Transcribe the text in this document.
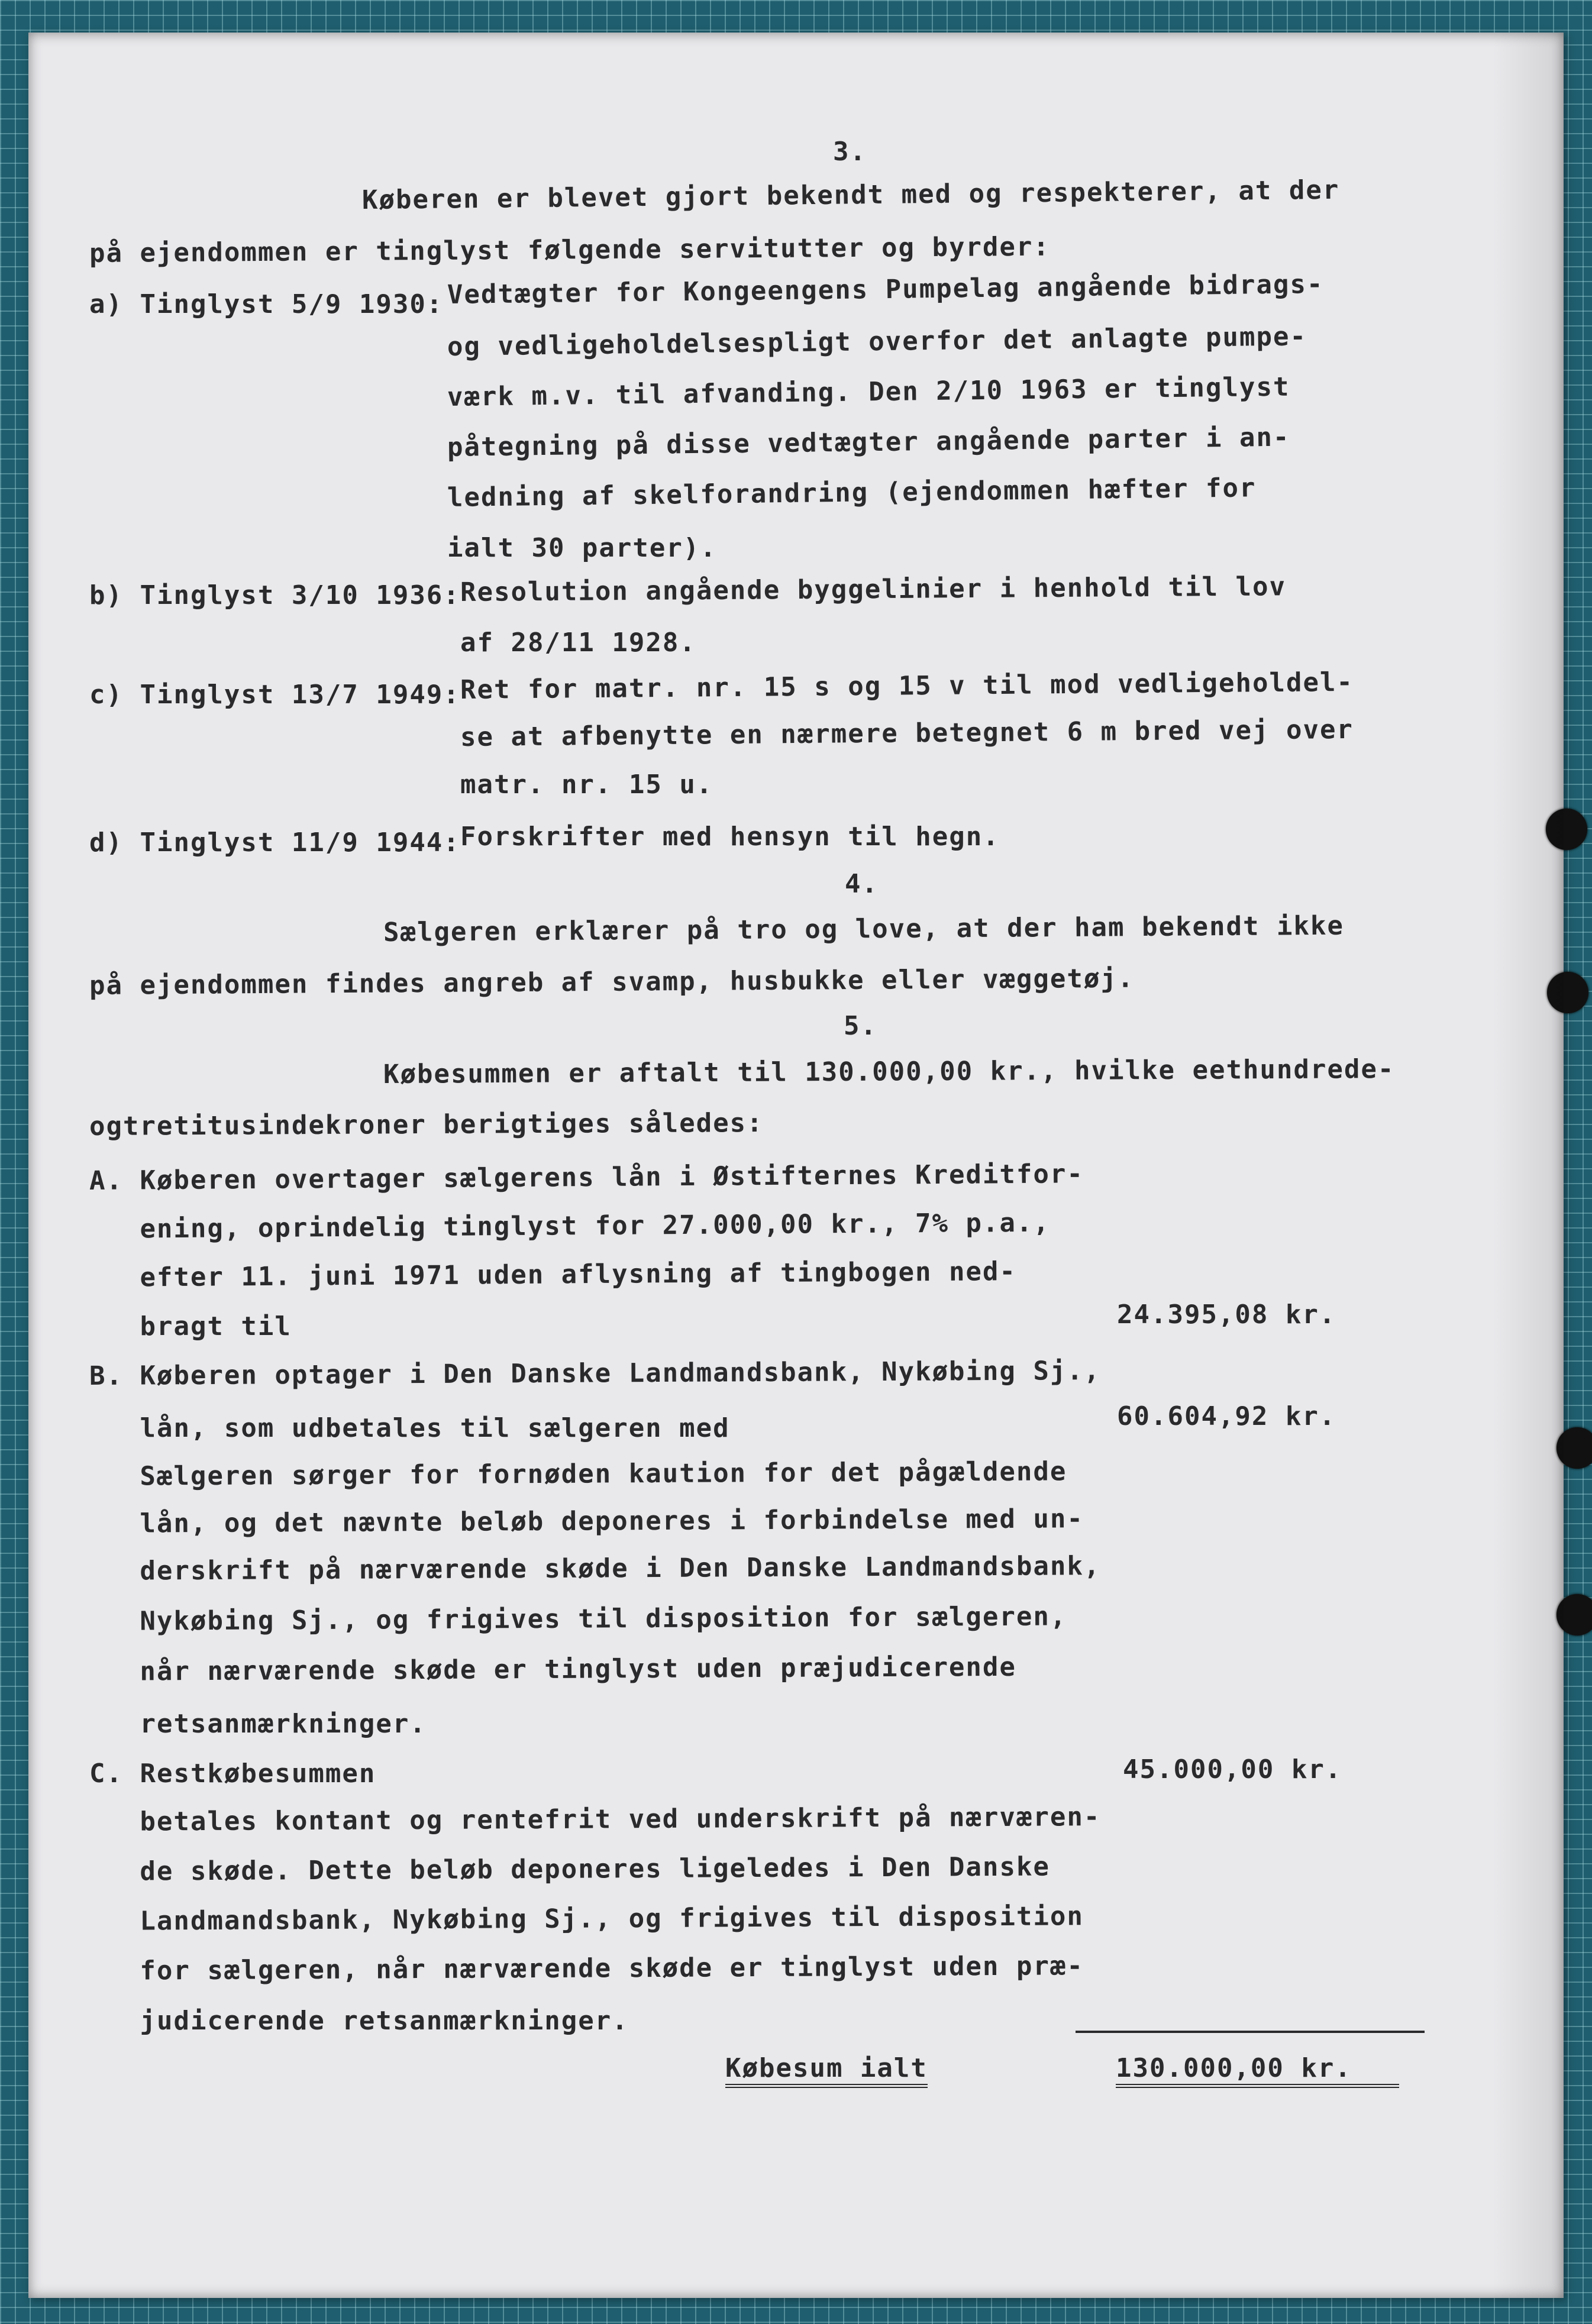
3.
Køberen er blevet gjort bekendt med og respekterer, at der
på ejendommen er tinglyst følgende servitutter og byrder:
a) Tinglyst 5/9 1930: Vedtægter for Kongeengens Pumpelag angående bidrags-
og vedligeholdelsespligt overfor det anlagte pumpe-
værk m.v. til afvanding. Den 2/10 1963 er tinglyst
påtegning på disse vedtægter angående parter i an-
ledning af skelforandring (ejendommen hæfter for
ialt 30 parter).
b) Tinglyst 3/10 1936: Resolution angående byggelinier i henhold til lov
af 28/11 1928.
c) Tinglyst 13/7 1949: Ret for matr. nr. 15 s og 15 v til mod vedligeholdel-
se at afbenytte en nærmere betegnet 6 m bred vej over
matr. nr. 15 u.
d) Tinglyst 11/9 1944: Forskrifter med hensyn til hegn.
4.
Sælgeren erklærer på tro og love, at der ham bekendt ikke
på ejendommen findes angreb af svamp, husbukke eller væggetøj.
5.
Købesummen er aftalt til 130.000,00 kr., hvilke eethundrede-
ogtretitusindekroner berigtiges således:
A. Køberen overtager sælgerens lån i Østifternes Kreditfor-
ening, oprindelig tinglyst for 27.000,00 kr., 7% p.a.,
efter 11. juni 1971 uden aflysning af tingbogen ned-
bragt til	24.395,08 kr.
B. Køberen optager i Den Danske Landmandsbank, Nykøbing Sj.,
lån, som udbetales til sælgeren med	60.604,92 kr.
Sælgeren sørger for fornøden kaution for det pågældende
lån, og det nævnte beløb deponeres i forbindelse med un-
derskrift på nærværende skøde i Den Danske Landmandsbank,
Nykøbing Sj., og frigives til disposition for sælgeren,
når nærværende skøde er tinglyst uden præjudicerende
retsanmærkninger.
C. Restkøbesummen	45.000,00 kr.
betales kontant og rentefrit ved underskrift på nærværen-
de skøde. Dette beløb deponeres ligeledes i Den Danske
Landmandsbank, Nykøbing Sj., og frigives til disposition
for sælgeren, når nærværende skøde er tinglyst uden præ-
judicerende retsanmærkninger.
Købesum ialt	130.000,00 kr.
